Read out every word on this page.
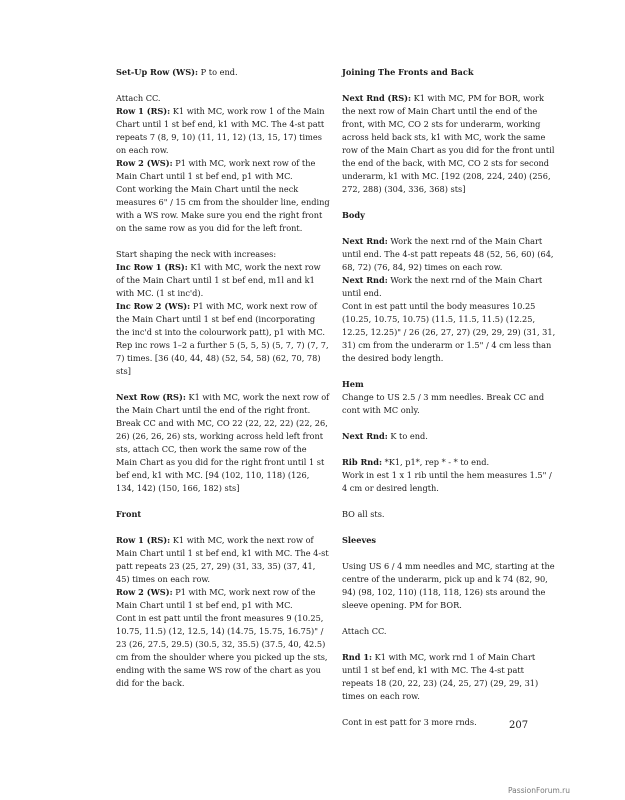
Set-Up Row (WS): P to end.

Attach CC.

Row 1 (RS): K1 with MC, work row 1 of the Main Chart until 1 st bef end, k1 with MC. The 4-st patt repeats 7 (8, 9, 10) (11, 11, 12) (13, 15, 17) times on each row.

Row 2 (WS): P1 with MC, work next row of the Main Chart until 1 st bef end, p1 with MC.

Cont working the Main Chart until the neck measures 6" / 15 cm from the shoulder line, ending with a WS row. Make sure you end the right front on the same row as you did for the left front.

Start shaping the neck with increases:

Inc Row 1 (RS): K1 with MC, work the next row of the Main Chart until 1 st bef end, m1l and k1 with MC. (1 st inc'd).

Inc Row 2 (WS): P1 with MC, work next row of the Main Chart until 1 st bef end (incorporating the inc'd st into the colourwork patt), p1 with MC.

Rep inc rows 1–2 a further 5 (5, 5, 5) (5, 7, 7) (7, 7, 7) times. [36 (40, 44, 48) (52, 54, 58) (62, 70, 78) sts]

Next Row (RS): K1 with MC, work the next row of the Main Chart until the end of the right front. Break CC and with MC, CO 22 (22, 22, 22) (22, 26, 26) (26, 26, 26) sts, working across held left front sts, attach CC, then work the same row of the Main Chart as you did for the right front until 1 st bef end, k1 with MC. [94 (102, 110, 118) (126, 134, 142) (150, 166, 182) sts]

Front

Row 1 (RS): K1 with MC, work the next row of Main Chart until 1 st bef end, k1 with MC. The 4-st patt repeats 23 (25, 27, 29) (31, 33, 35) (37, 41, 45) times on each row.

Row 2 (WS): P1 with MC, work next row of the Main Chart until 1 st bef end, p1 with MC.

Cont in est patt until the front measures 9 (10.25, 10.75, 11.5) (12, 12.5, 14) (14.75, 15.75, 16.75)" / 23 (26, 27.5, 29.5) (30.5, 32, 35.5) (37.5, 40, 42.5) cm from the shoulder where you picked up the sts, ending with the same WS row of the chart as you did for the back.

Joining The Fronts and Back

Next Rnd (RS): K1 with MC, PM for BOR, work the next row of Main Chart until the end of the front, with MC, CO 2 sts for underarm, working across held back sts, k1 with MC, work the same row of the Main Chart as you did for the front until the end of the back, with MC, CO 2 sts for second underarm, k1 with MC. [192 (208, 224, 240) (256, 272, 288) (304, 336, 368) sts]

Body

Next Rnd: Work the next rnd of the Main Chart until end. The 4-st patt repeats 48 (52, 56, 60) (64, 68, 72) (76, 84, 92) times on each row.

Next Rnd: Work the next rnd of the Main Chart until end.

Cont in est patt until the body measures 10.25 (10.25, 10.75, 10.75) (11.5, 11.5, 11.5) (12.25, 12.25, 12.25)" / 26 (26, 27, 27) (29, 29, 29) (31, 31, 31) cm from the underarm or 1.5" / 4 cm less than the desired body length.

Hem

Change to US 2.5 / 3 mm needles. Break CC and cont with MC only.

Next Rnd: K to end.

Rib Rnd: *K1, p1*, rep * - * to end.

Work in est 1 x 1 rib until the hem measures 1.5" / 4 cm or desired length.

BO all sts.

Sleeves

Using US 6 / 4 mm needles and MC, starting at the centre of the underarm, pick up and k 74 (82, 90, 94) (98, 102, 110) (118, 118, 126) sts around the sleeve opening. PM for BOR.

Attach CC.

Rnd 1: K1 with MC, work rnd 1 of Main Chart until 1 st bef end, k1 with MC. The 4-st patt repeats 18 (20, 22, 23) (24, 25, 27) (29, 29, 31) times on each row.

Cont in est patt for 3 more rnds.	207
PassionForum.ru
